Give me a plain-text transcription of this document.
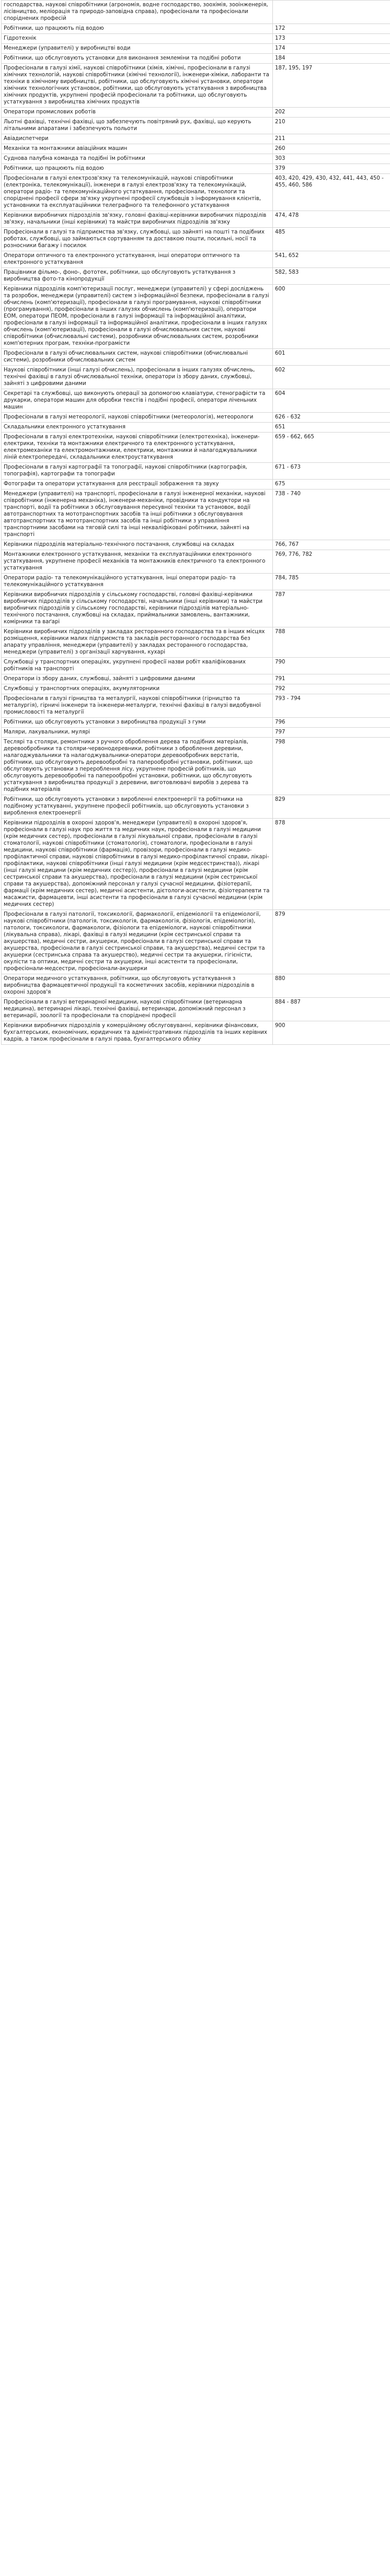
господарства, наукові співробітники (агрономія, водне господарство, зоохімія, зооінженерія, лісівництво, меліорація та природо-заповідна справа), професіонали та професіонали споріднених професій	
Робітники, що працюють під водою	172
Гідротехнік	173
Менеджери (управителі) у виробництві води	174
Робітники, що обслуговують установки для виконання землеміни та подібні роботи	184
Професіонали в галузі хімії, наукові співробітники (хімія, хімічні, професіонали в галузі хімічних технологій, наукові співробітники (хімічні технології), інженери-хіміки, лаборанти та техніки в хімічному виробництві, робітники, що обслуговують хімічні установки, оператори хімічних технологічних установок, робітники, що обслуговують устаткування з виробництва хімічних продуктів, укрупнені професій професіонали та робітники, що обслуговують устаткування з виробництва хімічних продуктів	187, 195, 197
Оператори промислових роботів	202
Льотні фахівці, технічні фахівці, що забезпечують повітряний рух, фахівці, що керують літальними апаратами і забезпечують польоти	210
Авіадиспетчери	211
Механіки та монтажники авіаційних машин	260
Суднова палубна команда та подібні їм робітники	303
Робітники, що працюють під водою	379
Професіонали в галузі електрозв'язку та телекомунікацій, наукові співробітники (електроніка, телекомунікації), інженери в галузі електрозв'язку та телекомунікацій, оператори радіо- та телекомунікаційного устаткування, професіонали, технологи та споріднені професії сфери зв'язку укрупнені професії службовців з інформування клієнтів, установники та експлуатаційники телеграфного та телефонного устаткування	403, 420, 429, 430, 432, 441, 443, 450 - 455, 460, 586
Керівники виробничих підрозділів зв'язку, головні фахівці-керівники виробничих підрозділів зв'язку, начальники (інші керівники) та майстри виробничих підрозділів зв'язку	474, 478
Професіонали в галузі та підприємства зв'язку, службовці, що зайняті на пошті та подібних роботах, службовці, що займаються сортуванням та доставкою пошти, посильні, носії та розносники багажу і посилок	485
Оператори оптичного та електронного устаткування, інші оператори оптичного та електронного устаткування	541, 652
Працівники фільмо-, фоно-, фототек, робітники, що обслуговують устаткування з виробництва фото-та кінопродукції	582, 583
Керівники підрозділів комп'ютеризації послуг, менеджери (управителі) у сфері досліджень та розробок, менеджери (управителі) систем з інформаційної безпеки, професіонали в галузі обчислень (комп'ютеризації), професіонали в галузі програмування, наукові співробітники (програмування), професіонали в інших галузях обчислень (комп'ютеризації), оператори ЕОМ, оператори ПЕОМ, професіонали в галузі інформації та інформаційної аналітики, професіонали в галузі інформації та інформаційної аналітики, професіонали в інших галузях обчислень (комп'ютеризації), професіонали в галузі обчислювальних систем, наукові співробітники (обчислювальні системи), розробники обчислювальних систем, розробники комп'ютерних програм, техніки-програмісти	600
Професіонали в галузі обчислювальних систем, наукові співробітники (обчислювальні системи), розробники обчислювальних систем	601
Наукові співробітники (інші галузі обчислень), професіонали в інших галузях обчислень, технічні фахівці в галузі обчислювальної техніки, оператори із збору даних, службовці, зайняті з цифровими даними	602
Секретарі та службовці, що виконують операції за допомогою клавіатури, стенографісти та друкарки, оператори машин для обробки текстів і подібні професії, оператори ліченьних машин	604
Професіонали в галузі метеорології, наукові співробітники (метеорологія), метеорологи	626 - 632
Складальники електронного устаткування	651
Професіонали в галузі електротехніки, наукові співробітники (електротехніка), інженери-електрики, техніки та монтажники електричного та електронного устаткування, електромеханіки та електромонтажники, електрики, монтажники й налагоджувальники ліній електропередачі, складальники електроустаткування	659 - 662, 665
Професіонали в галузі картографії та топографії, наукові співробітники (картографія, топографія), картографи та топографи	671 - 673
Фотографи та оператори устаткування для реєстрації зображення та звуку	675
Менеджери (управителі) на транспорті, професіонали в галузі інженерної механіки, наукові співробітники (інженерна механіка), інженери-механіки, провідники та кондуктори на транспорті, водії та робітники з обслуговування пересувної техніки та установок, водії автотранспортних та мототранспортних засобів та інші робітники з обслуговування автотранспортних та мототранспортних засобів та інші робітники з управління транспортними засобами на тяговій силі та інші некваліфіковані робітники, зайняті на транспорті	738 - 740
Керівники підрозділів матеріально-технічного постачання, службовці на складах	766, 767
Монтажники електронного устаткування, механіки та експлуатаційники електронного устаткування, укрупнене професії механіків та монтажників електричного та електронного устаткування	769, 776, 782
Оператори радіо- та телекомунікаційного устаткування, інші оператори радіо- та телекомунікаційного устаткування	784, 785
Керівники виробничих підрозділів у сільському господарстві, головні фахівці-керівники виробничих підрозділів у сільському господарстві, начальники (інші керівники) та майстри виробничих підрозділів у сільському господарстві, керівники підрозділів матеріально-технічного постачання, службовці на складах, приймальники замовлень, вантажники, комірники та ваґарі	787
Керівники виробничих підрозділів у закладах ресторанного господарства та в інших місцях розміщення, керівники малих підприємств та закладів ресторанного господарства без апарату управління, менеджери (управителі) у закладах ресторанного господарства, менеджери (управителі) з організації харчування, кухарі	788
Службовці у транспортних операціях, укрупнені професії назви робіт кваліфікованих робітників на транспорті	790
Оператори із збору даних, службовці, зайняті з цифровими даними	791
Службовці у транспортних операціях, акумуляторники	792
Професіонали в галузі гірництва та металургії, наукові співробітники (гірництво та металургія), гірничі інженери та інженери-металурги, технічні фахівці в галузі видобувної промисловості та металургії	793 - 794
Робітники, що обслуговують установки з виробництва продукції з гуми	796
Маляри, лакувальники, мулярі	797
Теслярі та столяри, ремонтники з ручного оброблення дерева та подібних матеріалів, деревообробники та столяри-червонодеревники, робітники з оброблення деревини, налагоджувальники та налагоджувальники-оператори деревообробних верстатів, робітники, що обслуговують деревообробні та паперообробні установки, робітники, що обслуговують установки з перероблення лісу, укрупнене професій робітників, що обслуговують деревообробні та паперообробні установки, робітники, що обслуговують устаткування з виробництва продукції з деревини, виготовлювачі виробів з дерева та подібних матеріалів	798
Робітники, що обслуговують установки з виробленні електроенергії та робітники на подібному устаткуванні, укрупнене професії робітників, що обслуговують установки з вироблення електроенергії	829
Керівники підрозділів в охороні здоров'я, менеджери (управителі) в охороні здоров'я, професіонали в галузі наук про життя та медичних наук, професіонали в галузі медицини (крім медичних сестер), професіонали в галузі лікувальної справи, професіонали в галузі стоматології, наукові співробітники (стоматологія), стоматологи, професіонали в галузі медицини, наукові співробітники (фармація), провізори, професіонали в галузі медико-профілактичної справи, наукові співробітники в галузі медико-профілактичної справи, лікарі-профілактики, наукові співробітники (інші галузі медицини (крім медсестринства)), лікарі (інші галузі медицини (крім медичних сестер)), професіонали в галузі медицини (крім сестринської справи та акушерства), професіонали в галузі медицини (крім сестринської справи та акушерства), допоміжний персонал у галузі сучасної медицини, фізіотерапії, фармації (крім медичних сестер), медичні асистенти, дієтологи-асистенти, фізіотерапевти та масажисти, фармацевти, інші асистенти та професіонали в галузі сучасної медицини (крім медичних сестер)	878
Професіонали в галузі патології, токсикології, фармакології, епідеміології та епідеміології, наукові співробітники (патологія, токсикологія, фармакологія, фізіологія, епідеміологія), патологи, токсикологи, фармакологи, фізіологи та епідеміологи, наукові співробітники (лікувальна справа), лікарі, фахівці в галузі медицини (крім сестринської справи та акушерства), медичні сестри, акушерки, професіонали в галузі сестринської справи та акушерства, професіонали в галузі сестринської справи, та акушерства), медичні сестри та акушерки (сестринська справа та акушерство), медичні сестри та акушерки, гігієністи, окулісти та оптики, медичні сестри та акушерки, інші асистенти та професіонали, професіонали-медсестри, професіонали-акушерки	879
Оператори медичного устаткування, робітники, що обслуговують устаткування з виробництва фармацевтичної продукції та косметичних засобів, керівники підрозділів в охороні здоров'я	880
Професіонали в галузі ветеринарної медицини, наукові співробітники (ветеринарна медицина), ветеринарні лікарі, технічні фахівці, ветеринари, допоміжний персонал з ветеринарії, зоології та професіонали та споріднені професії	884 - 887
Керівники виробничих підрозділів у комерційному обслуговуванні, керівники фінансових, бухгалтерських, економічних, юридичних та адміністративних підрозділів та інших керівних кадрів, а також професіонали в галузі права, бухгалтерського обліку	900
